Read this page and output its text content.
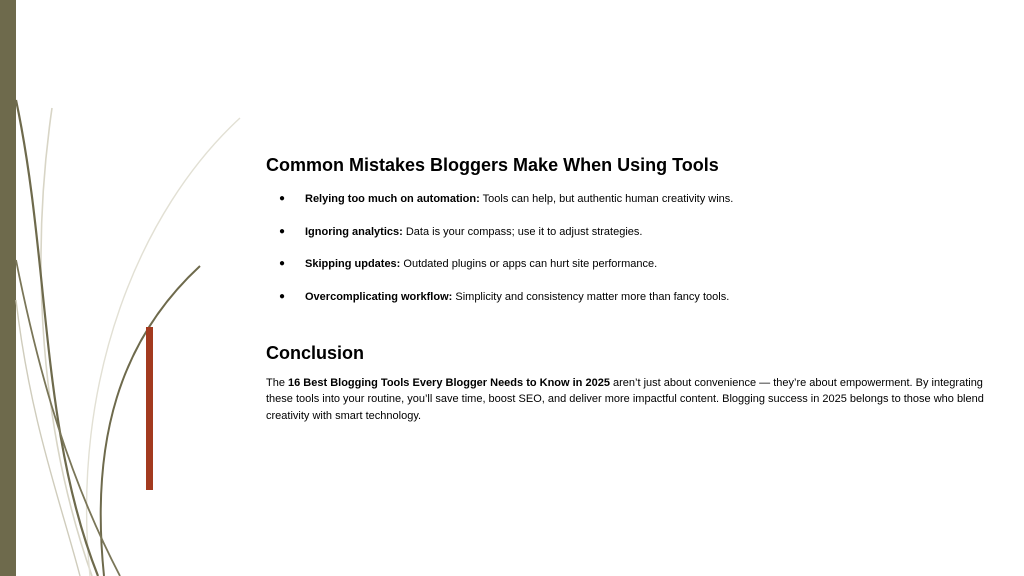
Common Mistakes Bloggers Make When Using Tools
● Relying too much on automation: Tools can help, but authentic human creativity wins.
● Ignoring analytics: Data is your compass; use it to adjust strategies.
● Skipping updates: Outdated plugins or apps can hurt site performance.
● Overcomplicating workflow: Simplicity and consistency matter more than fancy tools.
Conclusion

The 16 Best Blogging Tools Every Blogger Needs to Know in 2025 aren’t just about convenience — they’re about empowerment. By integrating these tools into your routine, you’ll save time, boost SEO, and deliver more impactful content. Blogging success in 2025 belongs to those who blend creativity with smart technology.
